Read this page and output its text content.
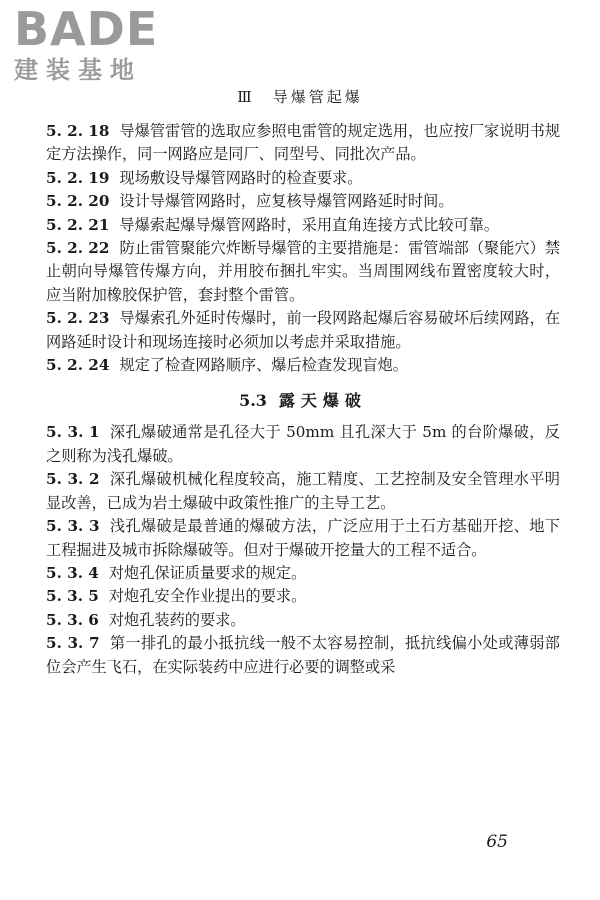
BADE
建装基地
Ⅲ 导爆管起爆

5. 2. 18 导爆管雷管的选取应参照电雷管的规定选用，也应按厂家说明书规定方法操作，同一网路应是同厂、同型号、同批次产品。

5. 2. 19 现场敷设导爆管网路时的检查要求。

5. 2. 20 设计导爆管网路时，应复核导爆管网路延时时间。

5. 2. 21 导爆索起爆导爆管网路时，采用直角连接方式比较可靠。

5. 2. 22 防止雷管聚能穴炸断导爆管的主要措施是：雷管端部（聚能穴）禁止朝向导爆管传爆方向，并用胶布捆扎牢实。当周围网线布置密度较大时，应当附加橡胶保护管，套封整个雷管。

5. 2. 23 导爆索孔外延时传爆时，前一段网路起爆后容易破坏后续网路，在网路延时设计和现场连接时必须加以考虑并采取措施。

5. 2. 24 规定了检查网路顺序、爆后检查发现盲炮。

5.3 露天爆破

5. 3. 1 深孔爆破通常是孔径大于 50mm 且孔深大于 5m 的台阶爆破，反之则称为浅孔爆破。

5. 3. 2 深孔爆破机械化程度较高，施工精度、工艺控制及安全管理水平明显改善，已成为岩土爆破中政策性推广的主导工艺。

5. 3. 3 浅孔爆破是最普通的爆破方法，广泛应用于土石方基础开挖、地下工程掘进及城市拆除爆破等。但对于爆破开挖量大的工程不适合。

5. 3. 4 对炮孔保证质量要求的规定。

5. 3. 5 对炮孔安全作业提出的要求。

5. 3. 6 对炮孔装药的要求。

5. 3. 7 第一排孔的最小抵抗线一般不太容易控制，抵抗线偏小处或薄弱部位会产生飞石，在实际装药中应进行必要的调整或采

65
